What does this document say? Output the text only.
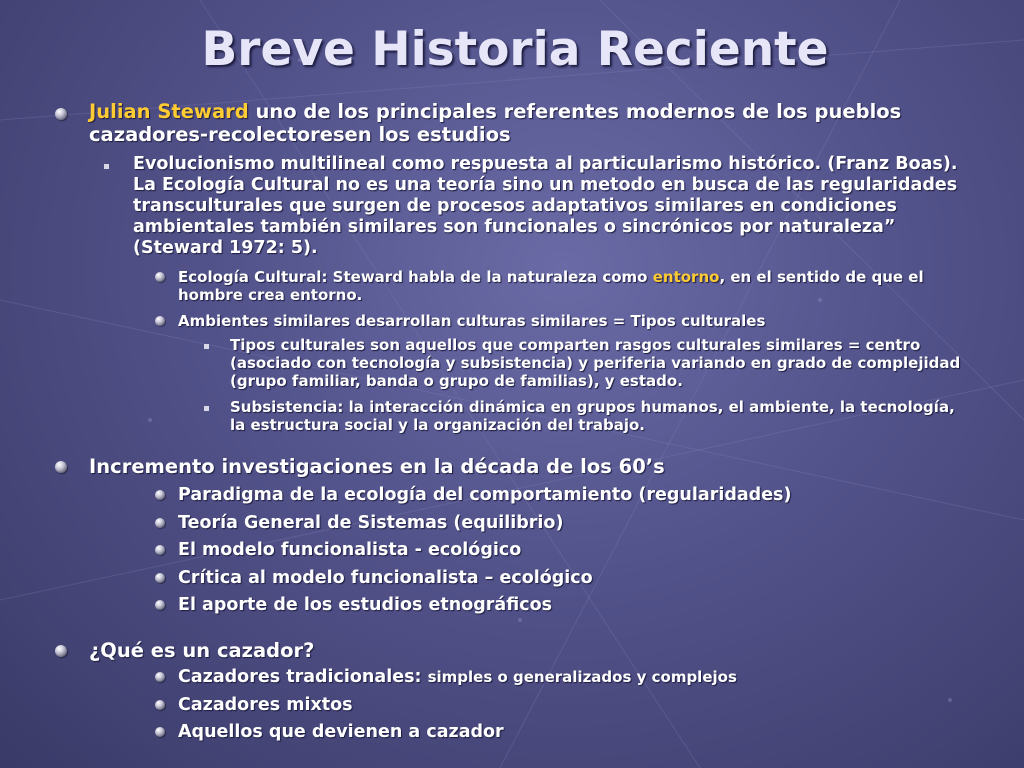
Breve Historia Reciente
Julian Steward uno de los principales referentes modernos de los pueblos cazadores-recolectoresen los estudios
Evolucionismo multilineal como respuesta al particularismo histórico. (Franz Boas). La Ecología Cultural no es una teoría sino un metodo en busca de las regularidades transculturales que surgen de procesos adaptativos similares en condiciones ambientales también similares son funcionales o sincrónicos por naturaleza” (Steward 1972: 5).
Ecología Cultural: Steward habla de la naturaleza como entorno, en el sentido de que el hombre crea entorno.
Ambientes similares desarrollan culturas similares = Tipos culturales
Tipos culturales son aquellos que comparten rasgos culturales similares = centro (asociado con tecnología y subsistencia) y periferia variando en grado de complejidad (grupo familiar, banda o grupo de familias), y estado.
Subsistencia: la interacción dinámica en grupos humanos, el ambiente, la tecnología, la estructura social y la organización del trabajo.
Incremento investigaciones en la década de los 60’s
Paradigma de la ecología del comportamiento (regularidades)
Teoría General de Sistemas (equilibrio)
El modelo funcionalista - ecológico
Crítica al modelo funcionalista – ecológico
El aporte de los estudios etnográficos
¿Qué es un cazador?
Cazadores tradicionales: simples o generalizados y complejos
Cazadores mixtos
Aquellos que devienen a cazador
